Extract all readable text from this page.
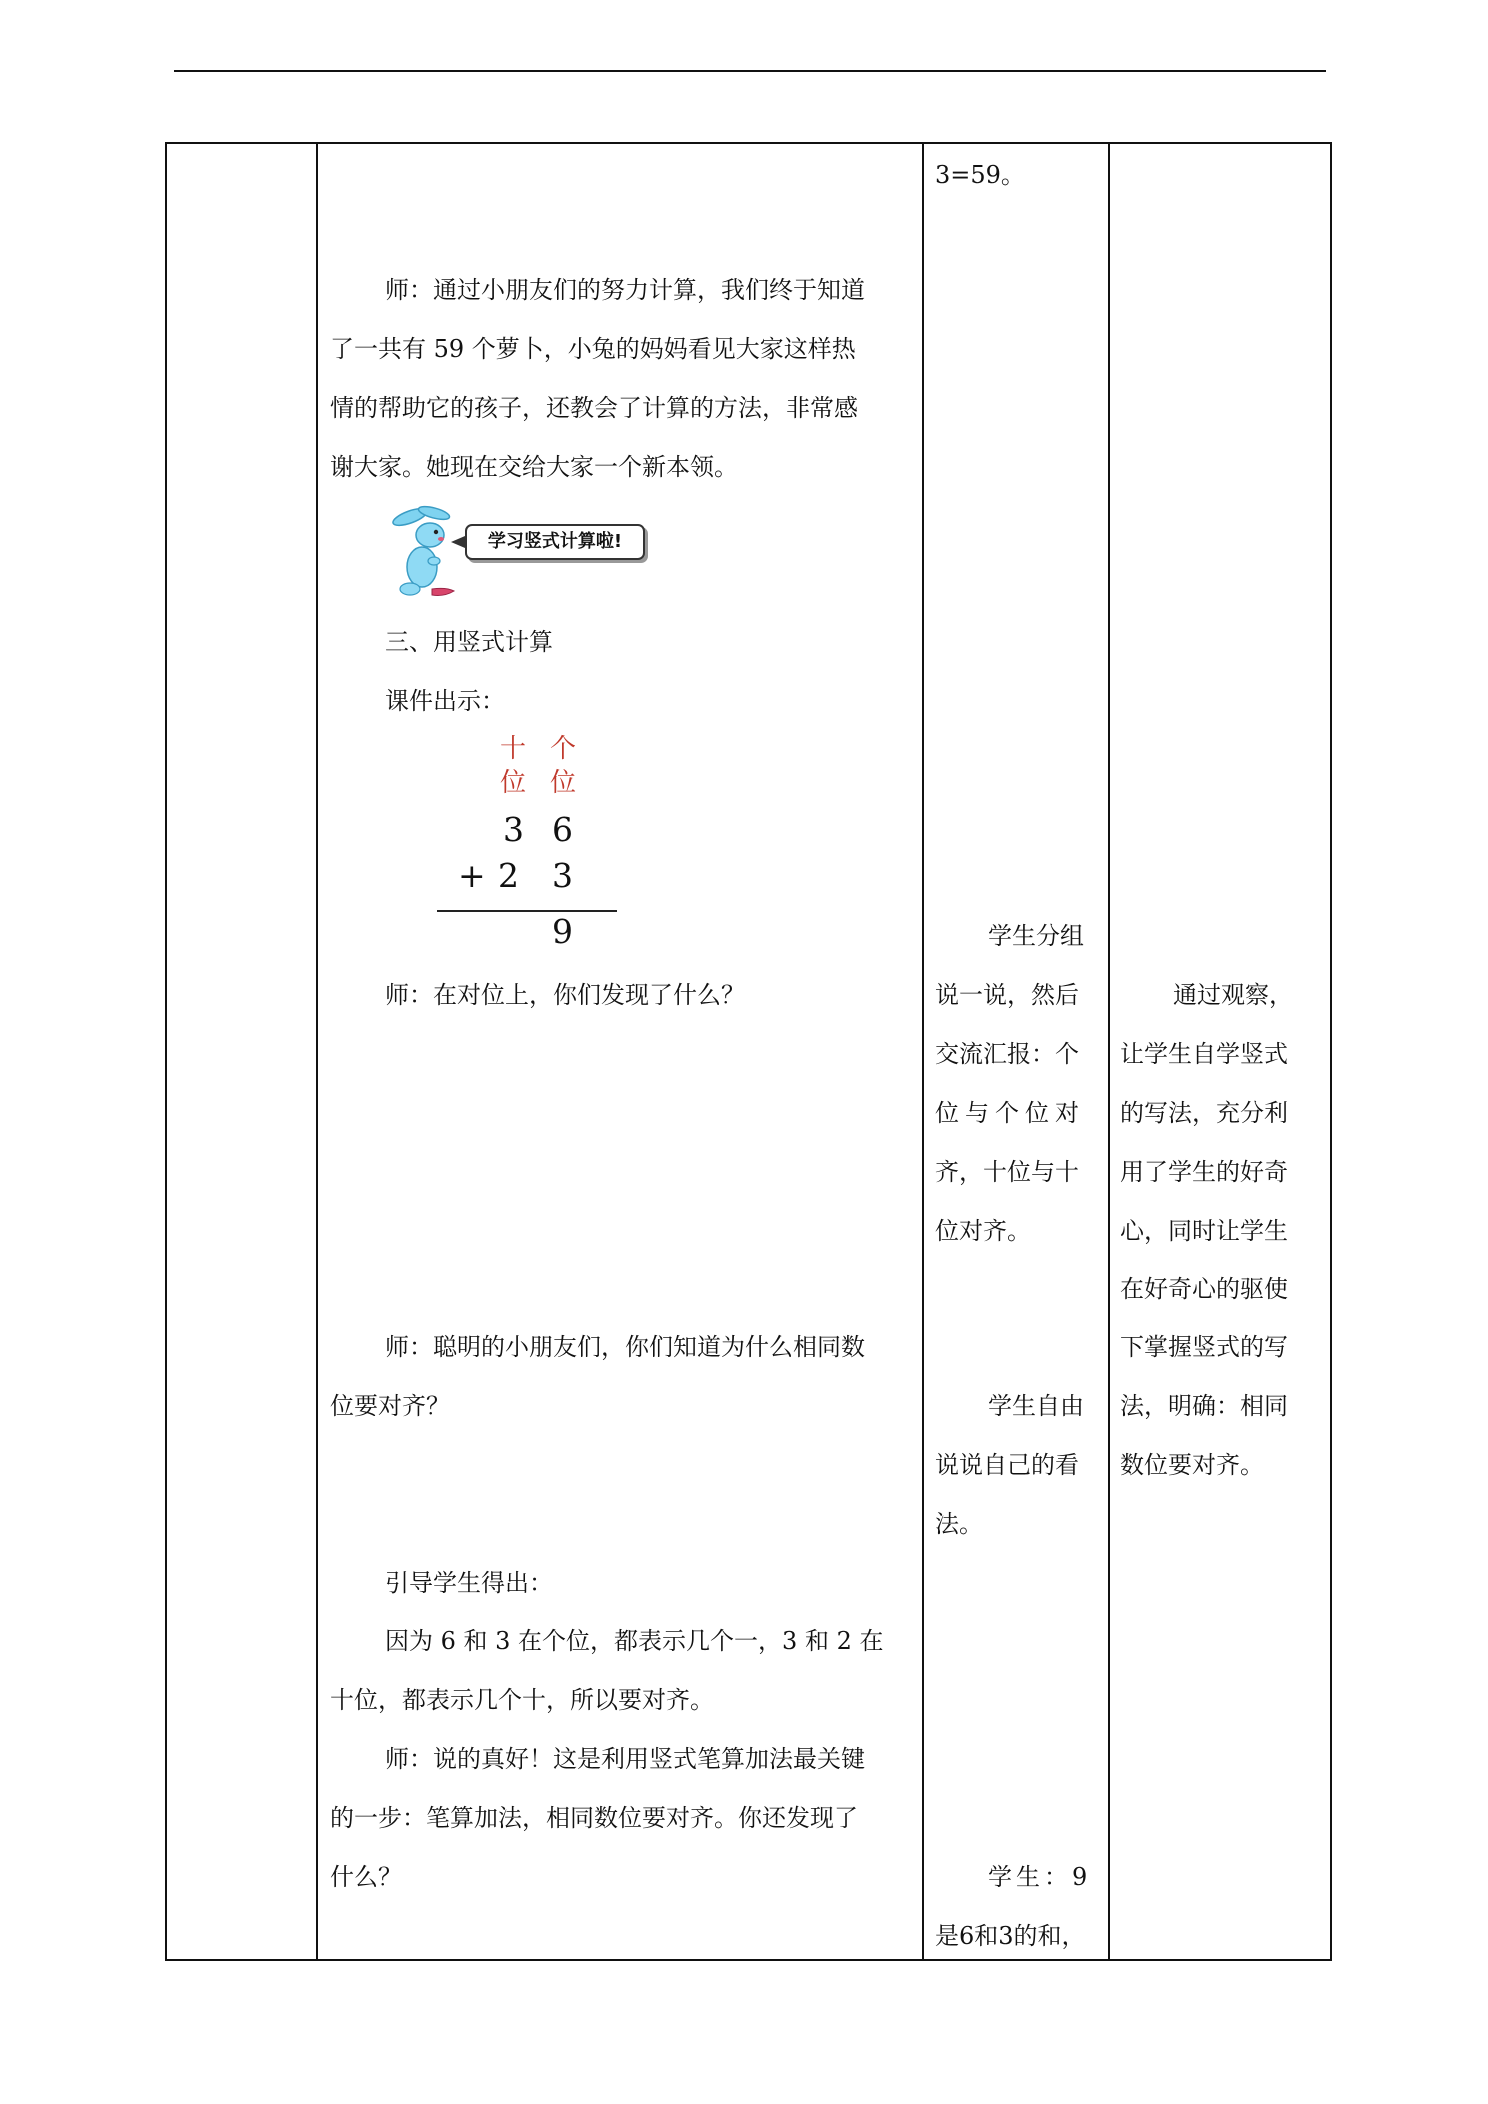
师：通过小朋友们的努力计算，我们终于知道
了一共有 59 个萝卜，小兔的妈妈看见大家这样热
情的帮助它的孩子，还教会了计算的方法，非常感
谢大家。她现在交给大家一个新本领。
学习竖式计算啦!
三、用竖式计算
课件出示：
十
位
个
位
3 6
+ 2 3
9
师：在对位上，你们发现了什么？
师：聪明的小朋友们，你们知道为什么相同数
位要对齐？
引导学生得出：
因为 6 和 3 在个位，都表示几个一，3 和 2 在
十位，都表示几个十，所以要对齐。
师：说的真好！这是利用竖式笔算加法最关键
的一步：笔算加法，相同数位要对齐。你还发现了
什么？
3=59。
学生分组
说一说，然后
交流汇报：个
位与个位对
齐，十位与十
位对齐。
学生自由
说说自己的看
法。
学生：9
是6和3的和，
通过观察，
让学生自学竖式
的写法，充分利
用了学生的好奇
心，同时让学生
在好奇心的驱使
下掌握竖式的写
法，明确：相同
数位要对齐。
